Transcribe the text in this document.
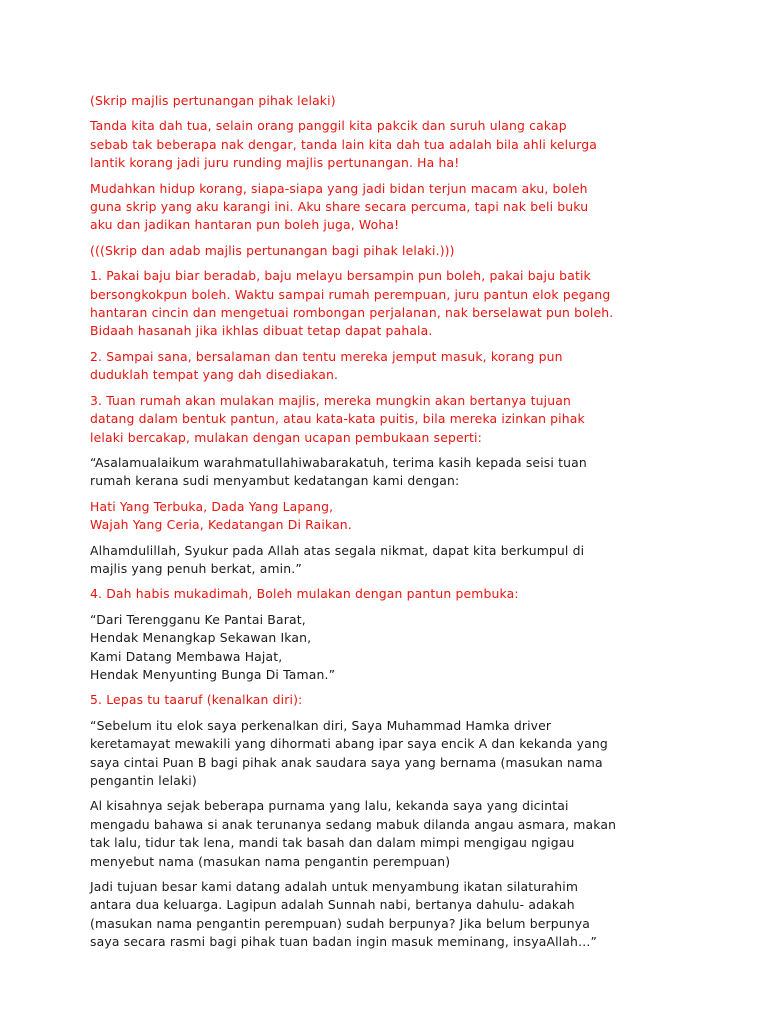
(Skrip majlis pertunangan pihak lelaki)

Tanda kita dah tua, selain orang panggil kita pakcik dan suruh ulang cakap
sebab tak beberapa nak dengar, tanda lain kita dah tua adalah bila ahli kelurga
lantik korang jadi juru runding majlis pertunangan. Ha ha!

Mudahkan hidup korang, siapa-siapa yang jadi bidan terjun macam aku, boleh
guna skrip yang aku karangi ini. Aku share secara percuma, tapi nak beli buku
aku dan jadikan hantaran pun boleh juga, Woha!

(((Skrip dan adab majlis pertunangan bagi pihak lelaki.)))

1. Pakai baju biar beradab, baju melayu bersampin pun boleh, pakai baju batik
bersongkokpun boleh. Waktu sampai rumah perempuan, juru pantun elok pegang
hantaran cincin dan mengetuai rombongan perjalanan, nak berselawat pun boleh.
Bidaah hasanah jika ikhlas dibuat tetap dapat pahala.

2. Sampai sana, bersalaman dan tentu mereka jemput masuk, korang pun
duduklah tempat yang dah disediakan.

3. Tuan rumah akan mulakan majlis, mereka mungkin akan bertanya tujuan
datang dalam bentuk pantun, atau kata-kata puitis, bila mereka izinkan pihak
lelaki bercakap, mulakan dengan ucapan pembukaan seperti:

“Asalamualaikum warahmatullahiwabarakatuh, terima kasih kepada seisi tuan
rumah kerana sudi menyambut kedatangan kami dengan:

Hati Yang Terbuka, Dada Yang Lapang,
Wajah Yang Ceria, Kedatangan Di Raikan.

Alhamdulillah, Syukur pada Allah atas segala nikmat, dapat kita berkumpul di
majlis yang penuh berkat, amin.”

4. Dah habis mukadimah, Boleh mulakan dengan pantun pembuka:

“Dari Terengganu Ke Pantai Barat,
Hendak Menangkap Sekawan Ikan,
Kami Datang Membawa Hajat,
Hendak Menyunting Bunga Di Taman.”

5. Lepas tu taaruf (kenalkan diri):

“Sebelum itu elok saya perkenalkan diri, Saya Muhammad Hamka driver
keretamayat mewakili yang dihormati abang ipar saya encik A dan kekanda yang
saya cintai Puan B bagi pihak anak saudara saya yang bernama (masukan nama
pengantin lelaki)

Al kisahnya sejak beberapa purnama yang lalu, kekanda saya yang dicintai
mengadu bahawa si anak terunanya sedang mabuk dilanda angau asmara, makan
tak lalu, tidur tak lena, mandi tak basah dan dalam mimpi mengigau ngigau
menyebut nama (masukan nama pengantin perempuan)

Jadi tujuan besar kami datang adalah untuk menyambung ikatan silaturahim
antara dua keluarga. Lagipun adalah Sunnah nabi, bertanya dahulu- adakah
(masukan nama pengantin perempuan) sudah berpunya? Jika belum berpunya
saya secara rasmi bagi pihak tuan badan ingin masuk meminang, insyaAllah…”
